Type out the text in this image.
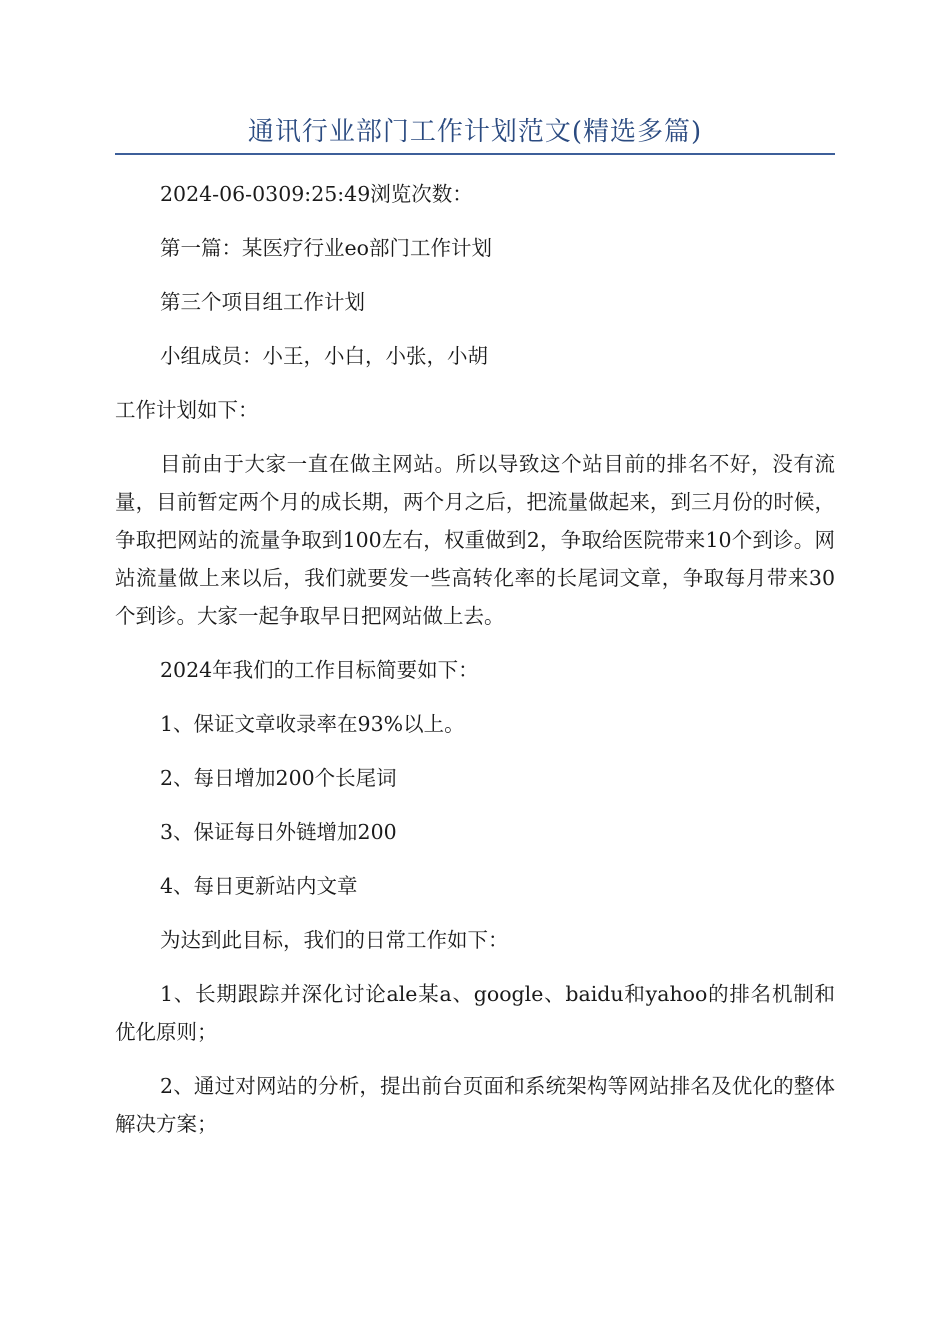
通讯行业部门工作计划范文(精选多篇)

2024-06-0309:25:49浏览次数：

第一篇：某医疗行业eo部门工作计划

第三个项目组工作计划

小组成员：小王，小白，小张，小胡

工作计划如下：

目前由于大家一直在做主网站。所以导致这个站目前的排名不好，没有流量，目前暂定两个月的成长期，两个月之后，把流量做起来，到三月份的时候，争取把网站的流量争取到100左右，权重做到2，争取给医院带来10个到诊。网站流量做上来以后，我们就要发一些高转化率的长尾词文章，争取每月带来30个到诊。大家一起争取早日把网站做上去。

2024年我们的工作目标简要如下：

1、保证文章收录率在93%以上。

2、每日增加200个长尾词

3、保证每日外链增加200

4、每日更新站内文章

为达到此目标，我们的日常工作如下：

1、长期跟踪并深化讨论ale某a、google、baidu和yahoo的排名机制和优化原则；

2、通过对网站的分析，提出前台页面和系统架构等网站排名及优化的整体解决方案；
